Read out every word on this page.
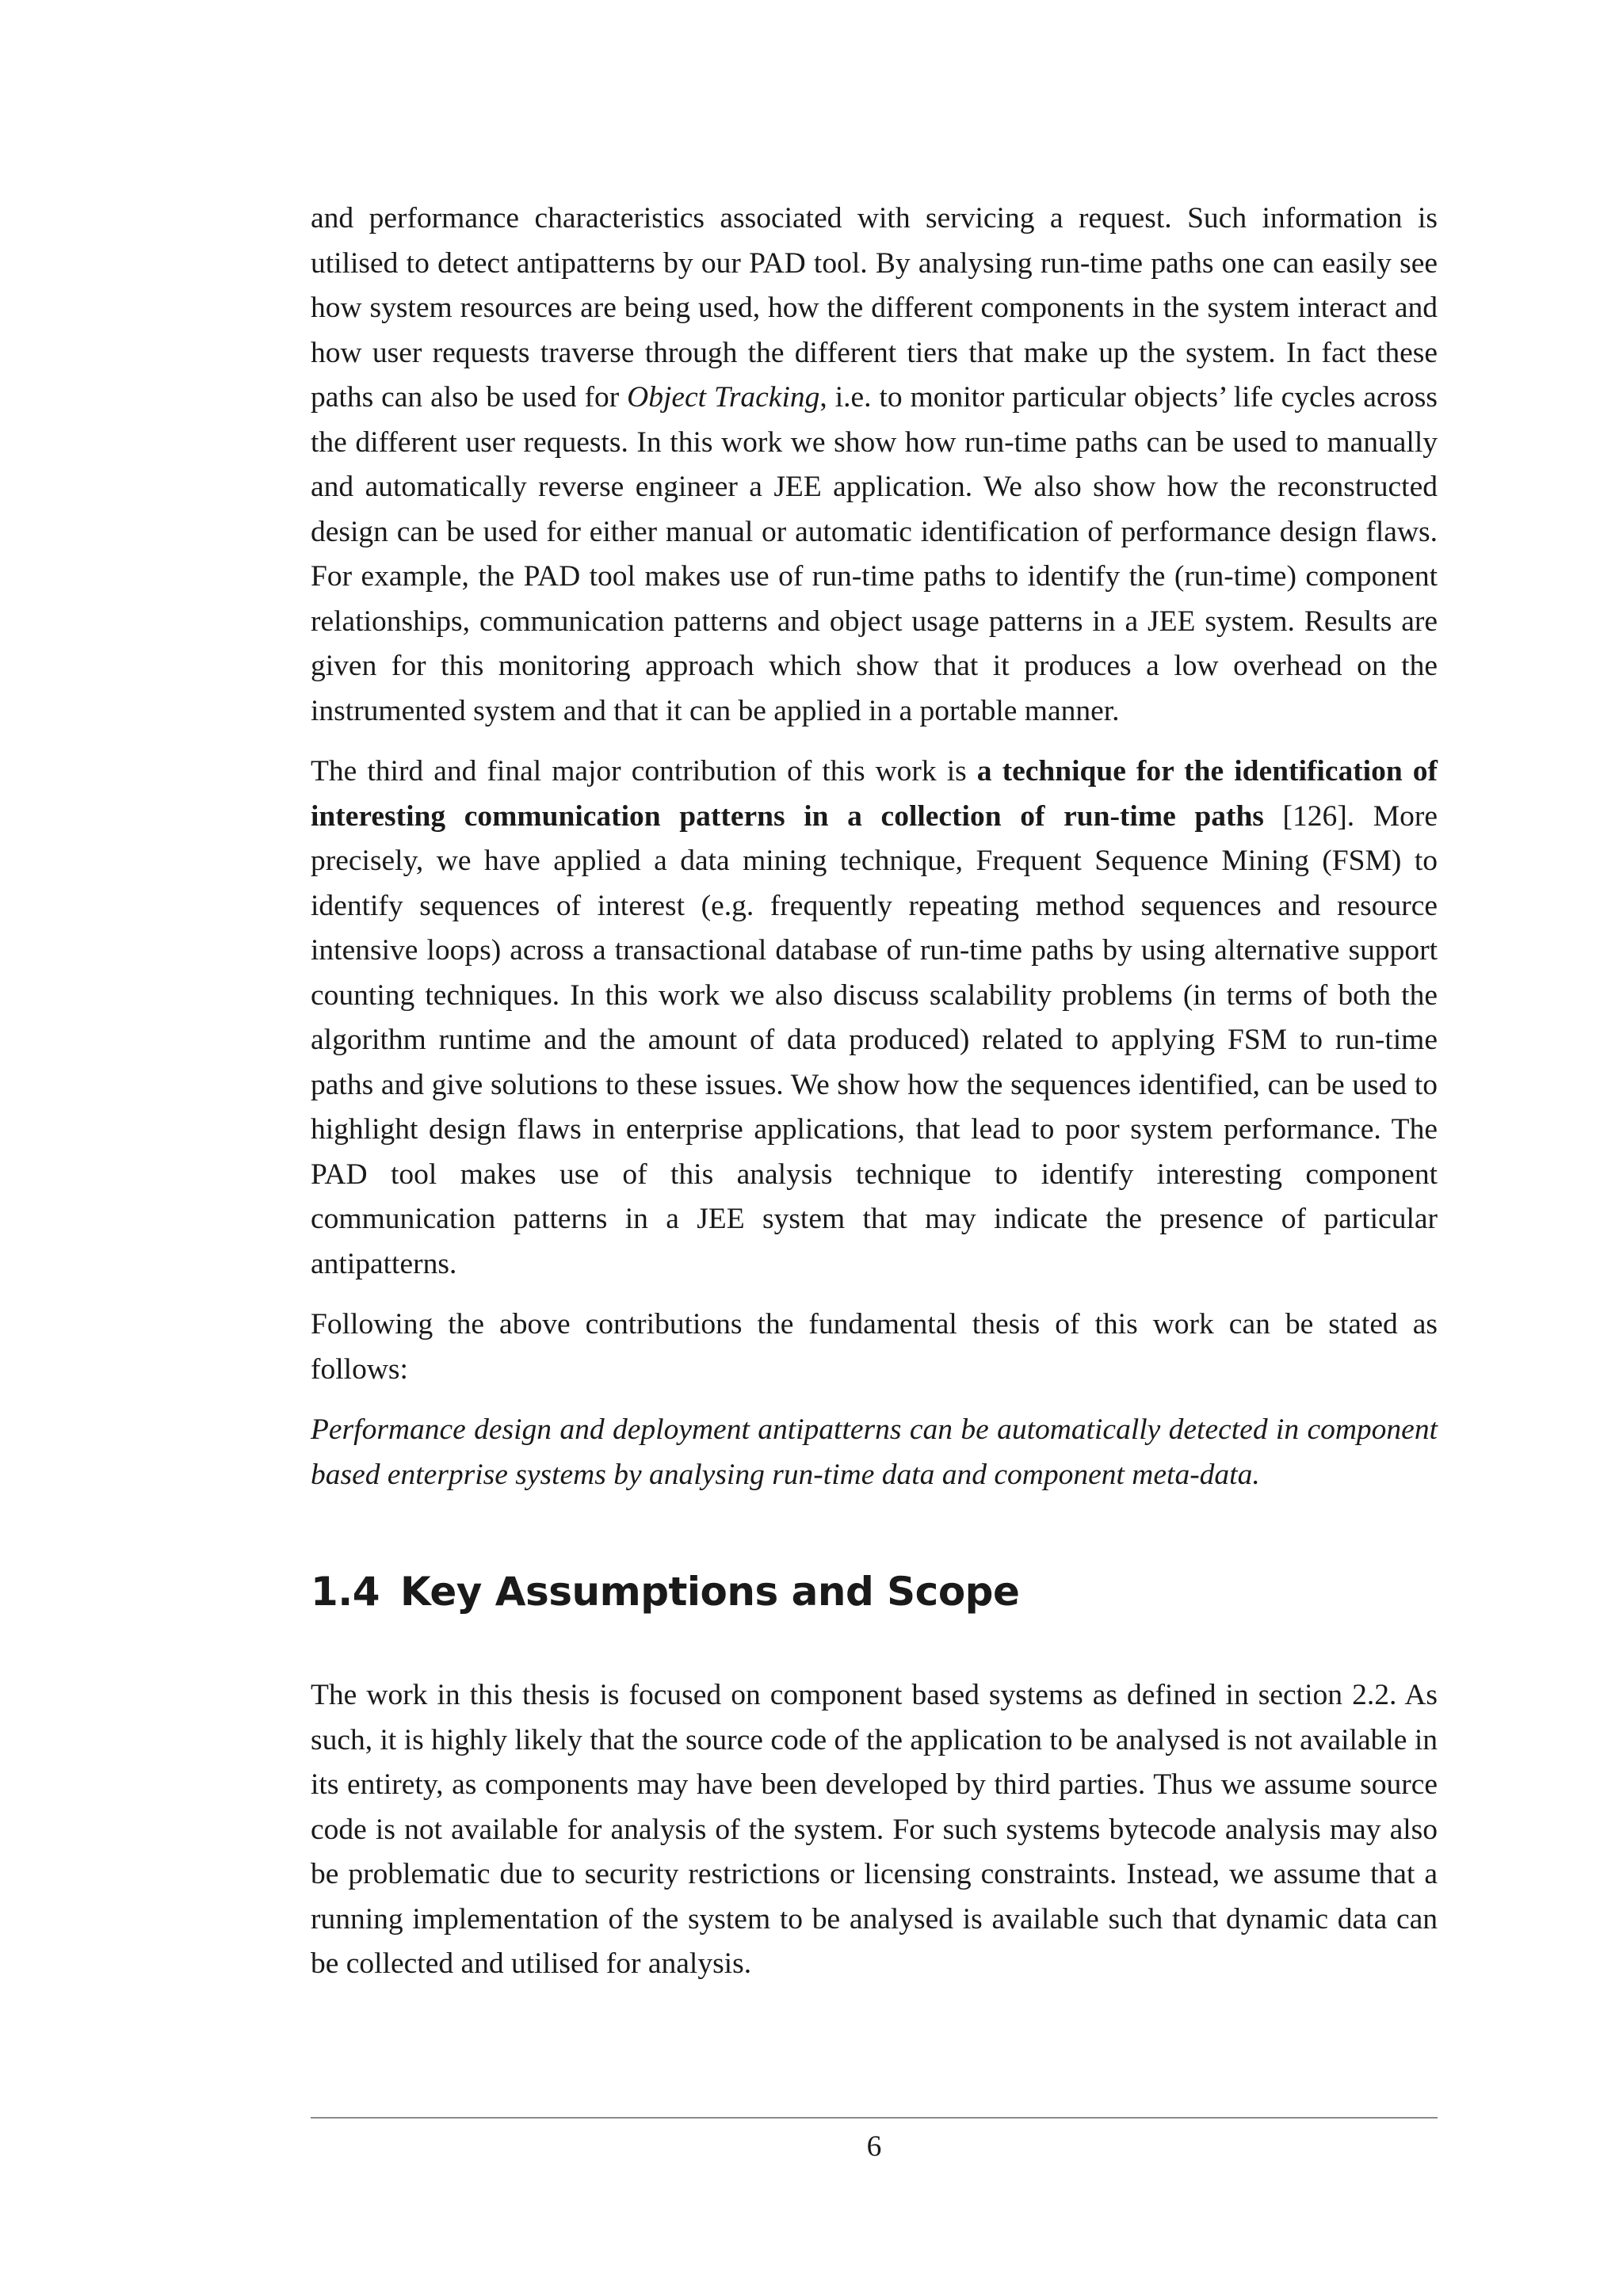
and performance characteristics associated with servicing a request. Such information is utilised to detect antipatterns by our PAD tool. By analysing run-time paths one can easily see how system resources are being used, how the different components in the system interact and how user requests traverse through the different tiers that make up the system. In fact these paths can also be used for Object Tracking, i.e. to monitor particular objects’ life cycles across the different user requests. In this work we show how run-time paths can be used to manually and automatically reverse engineer a JEE application. We also show how the reconstructed design can be used for either manual or automatic identification of performance design flaws. For example, the PAD tool makes use of run-time paths to identify the (run-time) component relationships, communication patterns and object usage patterns in a JEE system. Results are given for this monitoring approach which show that it produces a low overhead on the instrumented system and that it can be applied in a portable manner.

The third and final major contribution of this work is a technique for the identification of interesting communication patterns in a collection of run-time paths [126]. More precisely, we have applied a data mining technique, Frequent Sequence Mining (FSM) to identify sequences of interest (e.g. frequently repeating method sequences and resource intensive loops) across a transactional database of run-time paths by using alternative support counting techniques. In this work we also discuss scalability problems (in terms of both the algorithm runtime and the amount of data produced) related to applying FSM to run-time paths and give solutions to these issues. We show how the sequences identified, can be used to highlight design flaws in enterprise applications, that lead to poor system performance. The PAD tool makes use of this analysis technique to identify interesting component communication patterns in a JEE system that may indicate the presence of particular antipatterns.

Following the above contributions the fundamental thesis of this work can be stated as follows:

Performance design and deployment antipatterns can be automatically detected in component based enterprise systems by analysing run-time data and component meta-data.

1.4 Key Assumptions and Scope

The work in this thesis is focused on component based systems as defined in section 2.2. As such, it is highly likely that the source code of the application to be analysed is not available in its entirety, as components may have been developed by third parties. Thus we assume source code is not available for analysis of the system. For such systems bytecode analysis may also be problematic due to security restrictions or licensing constraints. Instead, we assume that a running implementation of the system to be analysed is available such that dynamic data can be collected and utilised for analysis.

6
